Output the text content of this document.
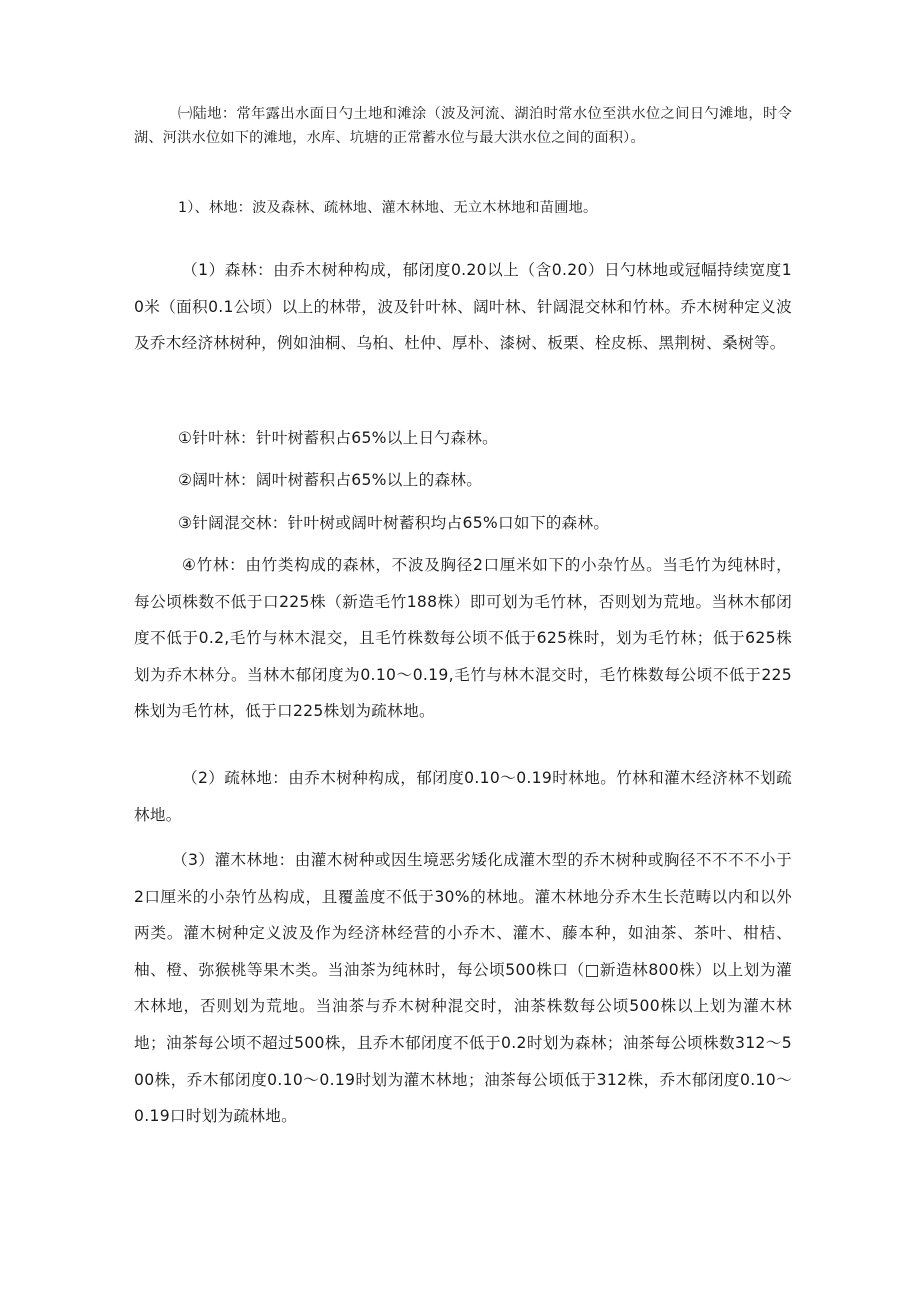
㈠陆地：常年露出水面日勺土地和滩涂（波及河流、湖泊时常水位至洪水位之间日勺滩地，时令湖、河洪水位如下的滩地，水库、坑塘的正常蓄水位与最大洪水位之间的面积）。

1）、林地：波及森林、疏林地、灌木林地、无立木林地和苗圃地。

（1）森林：由乔木树种构成，郁闭度0.20以上（含0.20）日勺林地或冠幅持续宽度10米（面积0.1公顷）以上的林带，波及针叶林、阔叶林、针阔混交林和竹林。乔木树种定义波及乔木经济林树种，例如油桐、乌桕、杜仲、厚朴、漆树、板栗、栓皮栎、黑荆树、桑树等。

①针叶林：针叶树蓄积占65%以上日勺森林。

②阔叶林：阔叶树蓄积占65%以上的森林。

③针阔混交林：针叶树或阔叶树蓄积均占65%口如下的森林。

④竹林：由竹类构成的森林，不波及胸径2口厘米如下的小杂竹丛。当毛竹为纯林时，每公顷株数不低于口225株（新造毛竹188株）即可划为毛竹林，否则划为荒地。当林木郁闭度不低于0.2,毛竹与林木混交，且毛竹株数每公顷不低于625株时，划为毛竹林；低于625株划为乔木林分。当林木郁闭度为0.10～0.19,毛竹与林木混交时，毛竹株数每公顷不低于225株划为毛竹林，低于口225株划为疏林地。

（2）疏林地：由乔木树种构成，郁闭度0.10～0.19时林地。竹林和灌木经济林不划疏林地。

（3）灌木林地：由灌木树种或因生境恶劣矮化成灌木型的乔木树种或胸径不不不不小于2口厘米的小杂竹丛构成，且覆盖度不低于30%的林地。灌木林地分乔木生长范畴以内和以外两类。灌木树种定义波及作为经济林经营的小乔木、灌木、藤本种，如油茶、茶叶、柑桔、柚、橙、弥猴桃等果木类。当油茶为纯林时，每公顷500株口（□新造林800株）以上划为灌木林地，否则划为荒地。当油茶与乔木树种混交时，油茶株数每公顷500株以上划为灌木林地；油茶每公顷不超过500株，且乔木郁闭度不低于0.2时划为森林；油茶每公顷株数312～500株，乔木郁闭度0.10～0.19时划为灌木林地；油茶每公顷低于312株，乔木郁闭度0.10～0.19口时划为疏林地。
